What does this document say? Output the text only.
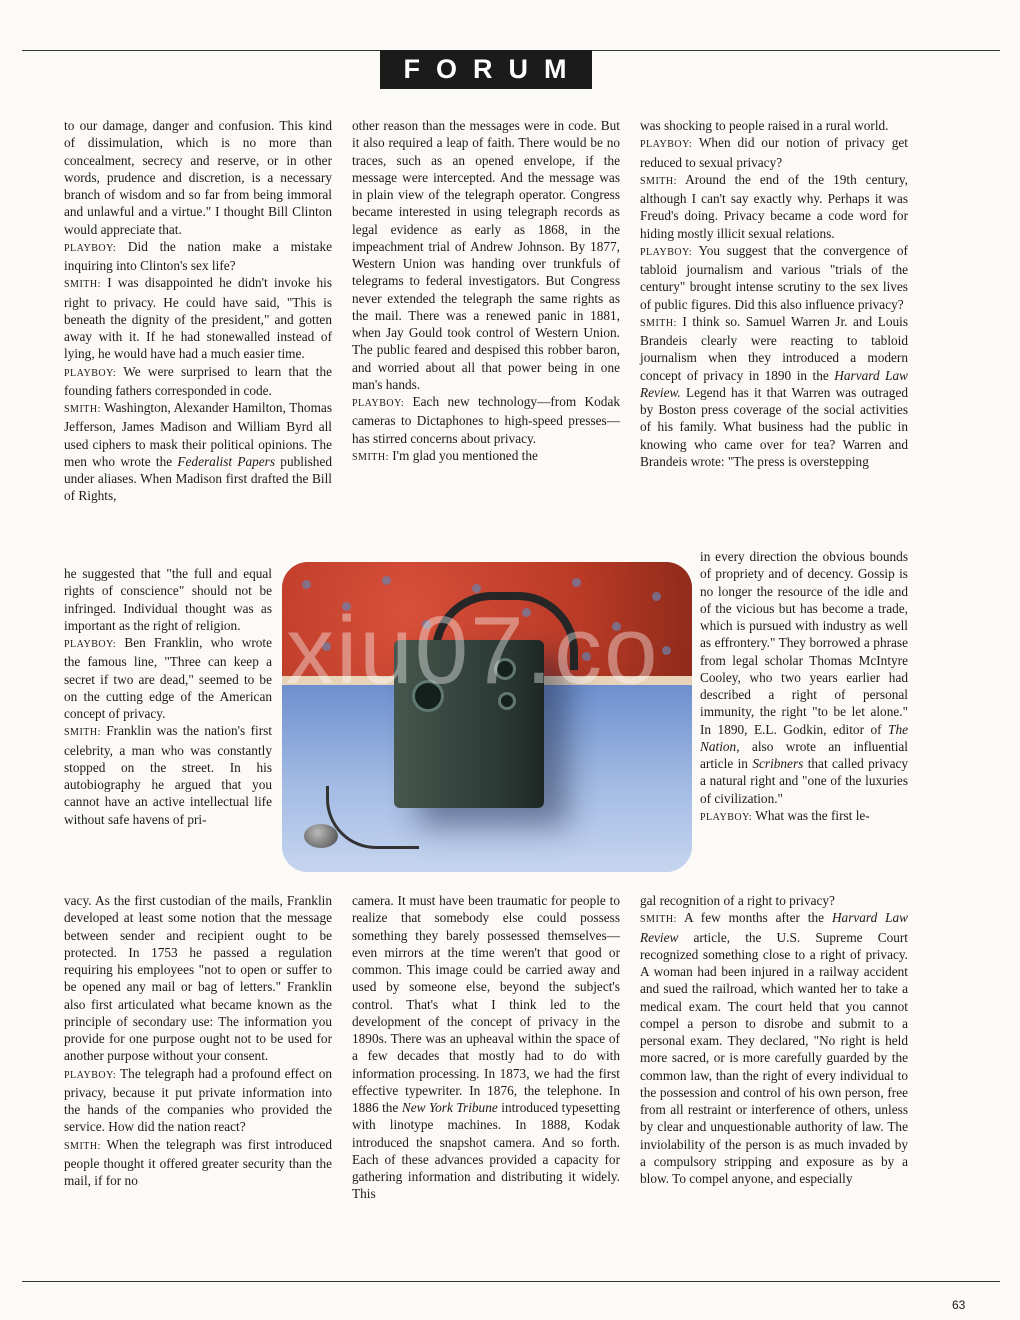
FORUM

to our damage, danger and confusion. This kind of dissimulation, which is no more than concealment, secrecy and reserve, or in other words, prudence and discretion, is a necessary branch of wisdom and so far from being immoral and unlawful and a virtue." I thought Bill Clinton would appreciate that.

PLAYBOY: Did the nation make a mistake inquiring into Clinton's sex life?

SMITH: I was disappointed he didn't invoke his right to privacy. He could have said, "This is beneath the dignity of the president," and gotten away with it. If he had stonewalled instead of lying, he would have had a much easier time.

PLAYBOY: We were surprised to learn that the founding fathers corresponded in code.

SMITH: Washington, Alexander Hamilton, Thomas Jefferson, James Madison and William Byrd all used ciphers to mask their political opinions. The men who wrote the Federalist Papers published under aliases. When Madison first drafted the Bill of Rights,

he suggested that "the full and equal rights of conscience" should not be infringed. Individual thought was as important as the right of religion.

PLAYBOY: Ben Franklin, who wrote the famous line, "Three can keep a secret if two are dead," seemed to be on the cutting edge of the American concept of privacy.

SMITH: Franklin was the nation's first celebrity, a man who was constantly stopped on the street. In his autobiography he argued that you cannot have an active intellectual life without safe havens of pri-

vacy. As the first custodian of the mails, Franklin developed at least some notion that the message between sender and recipient ought to be protected. In 1753 he passed a regulation requiring his employees "not to open or suffer to be opened any mail or bag of letters." Franklin also first articulated what became known as the principle of secondary use: The information you provide for one purpose ought not to be used for another purpose without your consent.

PLAYBOY: The telegraph had a profound effect on privacy, because it put private information into the hands of the companies who provided the service. How did the nation react?

SMITH: When the telegraph was first introduced people thought it offered greater security than the mail, if for no

other reason than the messages were in code. But it also required a leap of faith. There would be no traces, such as an opened envelope, if the message were intercepted. And the message was in plain view of the telegraph operator. Congress became interested in using telegraph records as legal evidence as early as 1868, in the impeachment trial of Andrew Johnson. By 1877, Western Union was handing over trunkfuls of telegrams to federal investigators. But Congress never extended the telegraph the same rights as the mail. There was a renewed panic in 1881, when Jay Gould took control of Western Union. The public feared and despised this robber baron, and worried about all that power being in one man's hands.

PLAYBOY: Each new technology—from Kodak cameras to Dictaphones to high-speed presses—has stirred concerns about privacy.

SMITH: I'm glad you mentioned the

camera. It must have been traumatic for people to realize that somebody else could possess something they barely possessed themselves—even mirrors at the time weren't that good or common. This image could be carried away and used by someone else, beyond the subject's control. That's what I think led to the development of the concept of privacy in the 1890s. There was an upheaval within the space of a few decades that mostly had to do with information processing. In 1873, we had the first effective typewriter. In 1876, the telephone. In 1886 the New York Tribune introduced typesetting with linotype machines. In 1888, Kodak introduced the snapshot camera. And so forth. Each of these advances provided a capacity for gathering information and distributing it widely. This

was shocking to people raised in a rural world.

PLAYBOY: When did our notion of privacy get reduced to sexual privacy?

SMITH: Around the end of the 19th century, although I can't say exactly why. Perhaps it was Freud's doing. Privacy became a code word for hiding mostly illicit sexual relations.

PLAYBOY: You suggest that the convergence of tabloid journalism and various "trials of the century" brought intense scrutiny to the sex lives of public figures. Did this also influence privacy?

SMITH: I think so. Samuel Warren Jr. and Louis Brandeis clearly were reacting to tabloid journalism when they introduced a modern concept of privacy in 1890 in the Harvard Law Review. Legend has it that Warren was outraged by Boston press coverage of the social activities of his family. What business had the public in knowing who came over for tea? Warren and Brandeis wrote: "The press is overstepping

in every direction the obvious bounds of propriety and of decency. Gossip is no longer the resource of the idle and of the vicious but has become a trade, which is pursued with industry as well as effrontery." They borrowed a phrase from legal scholar Thomas McIntyre Cooley, who two years earlier had described a right of personal immunity, the right "to be let alone." In 1890, E.L. Godkin, editor of The Nation, also wrote an influential article in Scribners that called privacy a natural right and "one of the luxuries of civilization."

PLAYBOY: What was the first le-

gal recognition of a right to privacy?

SMITH: A few months after the Harvard Law Review article, the U.S. Supreme Court recognized something close to a right of privacy. A woman had been injured in a railway accident and sued the railroad, which wanted her to take a medical exam. The court held that you cannot compel a person to disrobe and submit to a personal exam. They declared, "No right is held more sacred, or is more carefully guarded by the common law, than the right of every individual to the possession and control of his own person, free from all restraint or interference of others, unless by clear and unquestionable authority of law. The inviolability of the person is as much invaded by a compulsory stripping and exposure as by a blow. To compel anyone, and especially

xiu07.co
63
